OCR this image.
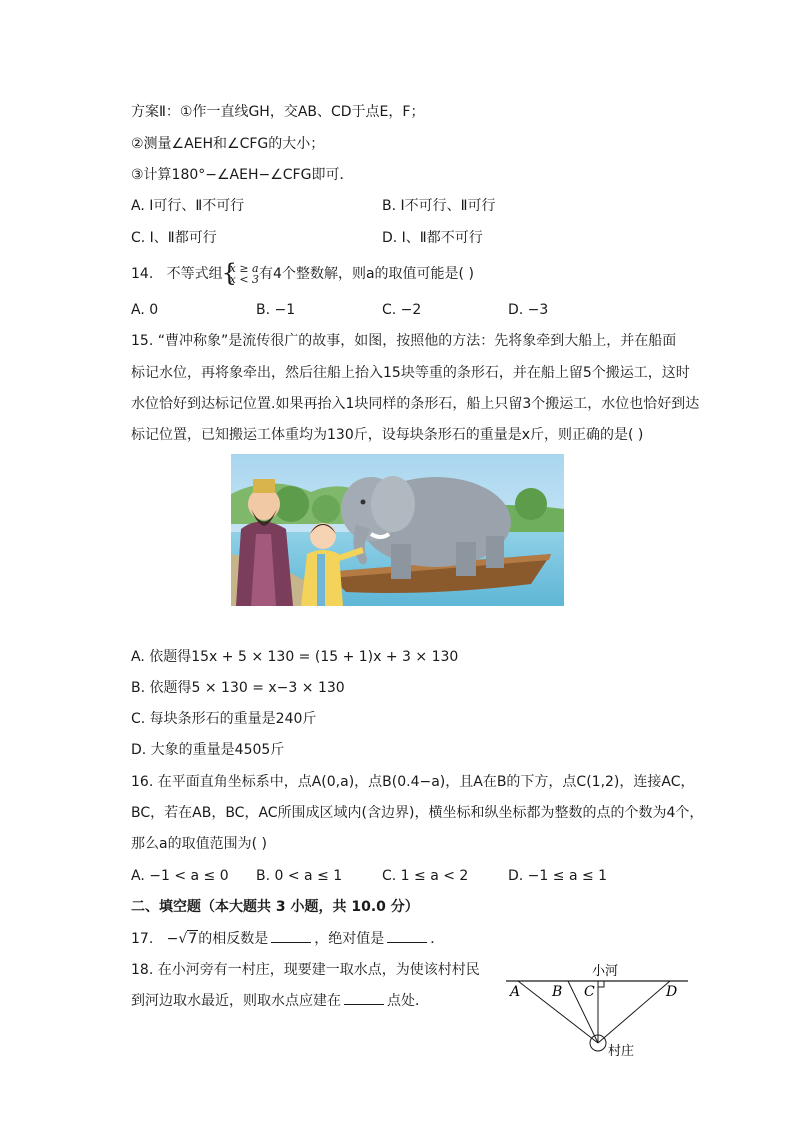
方案Ⅱ：①作一直线GH，交AB、CD于点E，F；
②测量∠AEH和∠CFG的大小；
③计算180°−∠AEH−∠CFG即可．
A. Ⅰ可行、Ⅱ不可行	B. Ⅰ不可行、Ⅱ可行
C. Ⅰ、Ⅱ都可行	D. Ⅰ、Ⅱ都不可行
14. 不等式组
{ x ≥ a
x < 3 有4个整数解，则a的取值可能是( )
A. 0	B. −1	C. −2	D. −3
15. “曹冲称象”是流传很广的故事，如图，按照他的方法：先将象牵到大船上，并在船面
标记水位，再将象牵出，然后往船上抬入15块等重的条形石，并在船上留5个搬运工，这时
水位恰好到达标记位置.如果再抬入1块同样的条形石，船上只留3个搬运工，水位也恰好到达
标记位置，已知搬运工体重均为130斤，设每块条形石的重量是x斤，则正确的是( )
A. 依题得15x + 5 × 130 = (15 + 1)x + 3 × 130
B. 依题得5 × 130 = x−3 × 130
C. 每块条形石的重量是240斤
D. 大象的重量是4505斤
16. 在平面直角坐标系中，点A(0,a)，点B(0.4−a)，且A在B的下方，点C(1,2)，连接AC，
BC，若在AB，BC，AC所围成区域内(含边界)，横坐标和纵坐标都为整数的点的个数为4个，
那么a的取值范围为( )
A. −1 < a ≤ 0 B. 0 < a ≤ 1	C. 1 ≤ a < 2	D. −1 ≤ a ≤ 1
二、填空题（本大题共 3 小题，共 10.0 分）
17. −√7的相反数是	，绝对值是	．
18. 在小河旁有一村庄，现要建一取水点，为使该村村民
到河边取水最近，则取水点应建在	点处．
小河
A B C	D
村庄
